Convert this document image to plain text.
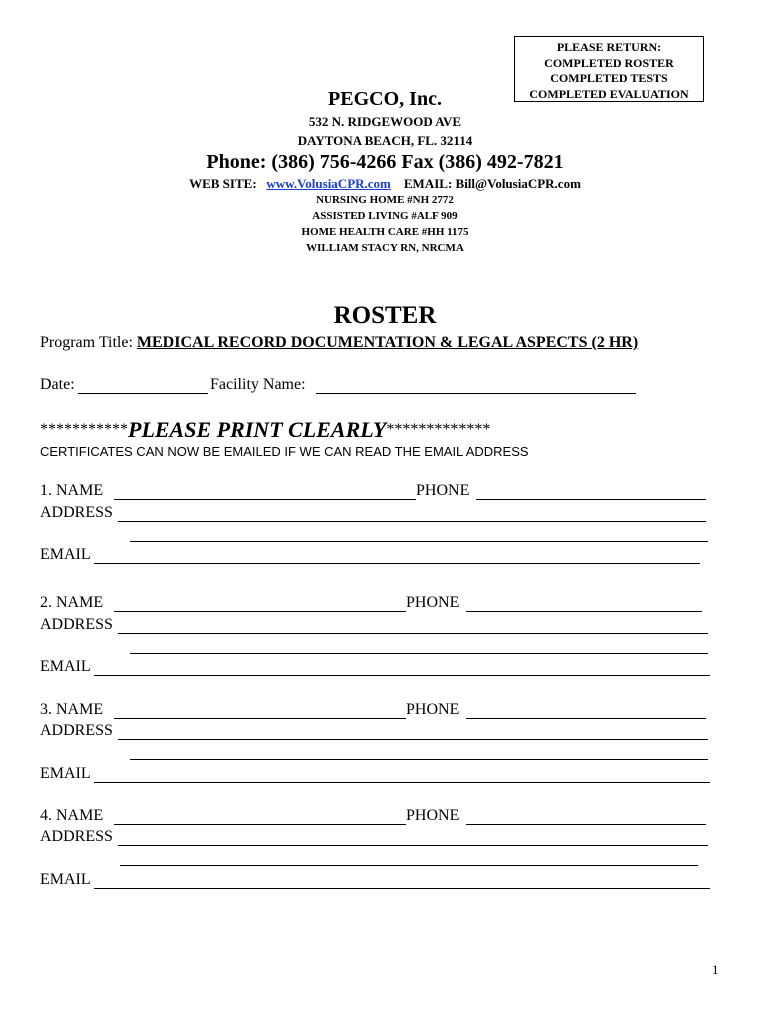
PLEASE RETURN:
COMPLETED ROSTER
COMPLETED TESTS
COMPLETED EVALUATION
PEGCO, Inc.
532 N. RIDGEWOOD AVE
DAYTONA BEACH, FL. 32114
Phone: (386) 756-4266 Fax (386) 492-7821
WEB SITE: www.VolusiaCPR.com EMAIL: Bill@VolusiaCPR.com
NURSING HOME #NH 2772
ASSISTED LIVING #ALF 909
HOME HEALTH CARE #HH 1175
WILLIAM STACY RN, NRCMA
ROSTER
Program Title: MEDICAL RECORD DOCUMENTATION & LEGAL ASPECTS (2 HR)
Date:	Facility Name:
***********PLEASE PRINT CLEARLY*************
CERTIFICATES CAN NOW BE EMAILED IF WE CAN READ THE EMAIL ADDRESS
1. NAME	PHONE
ADDRESS
EMAIL
2. NAME	PHONE
ADDRESS
EMAIL
3. NAME	PHONE
ADDRESS
EMAIL
4. NAME	PHONE
ADDRESS
EMAIL
1
